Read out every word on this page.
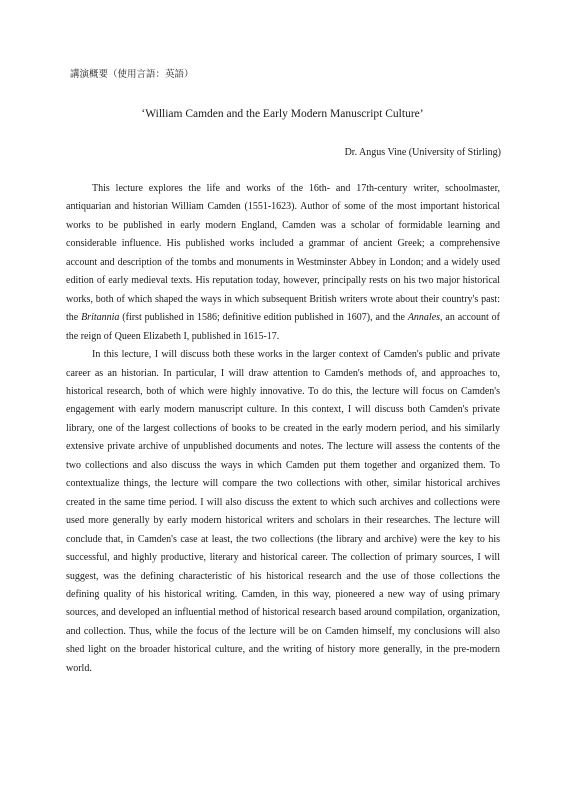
講演概要（使用言語：英語）
‘William Camden and the Early Modern Manuscript Culture’
Dr. Angus Vine (University of Stirling)

This lecture explores the life and works of the 16th- and 17th-century writer, schoolmaster, antiquarian and historian William Camden (1551-1623). Author of some of the most important historical works to be published in early modern England, Camden was a scholar of formidable learning and considerable influence. His published works included a grammar of ancient Greek; a comprehensive account and description of the tombs and monuments in Westminster Abbey in London; and a widely used edition of early medieval texts. His reputation today, however, principally rests on his two major historical works, both of which shaped the ways in which subsequent British writers wrote about their country's past: the Britannia (first published in 1586; definitive edition published in 1607), and the Annales, an account of the reign of Queen Elizabeth I, published in 1615-17.

In this lecture, I will discuss both these works in the larger context of Camden's public and private career as an historian. In particular, I will draw attention to Camden's methods of, and approaches to, historical research, both of which were highly innovative. To do this, the lecture will focus on Camden's engagement with early modern manuscript culture. In this context, I will discuss both Camden's private library, one of the largest collections of books to be created in the early modern period, and his similarly extensive private archive of unpublished documents and notes. The lecture will assess the contents of the two collections and also discuss the ways in which Camden put them together and organized them. To contextualize things, the lecture will compare the two collections with other, similar historical archives created in the same time period. I will also discuss the extent to which such archives and collections were used more generally by early modern historical writers and scholars in their researches. The lecture will conclude that, in Camden's case at least, the two collections (the library and archive) were the key to his successful, and highly productive, literary and historical career. The collection of primary sources, I will suggest, was the defining characteristic of his historical research and the use of those collections the defining quality of his historical writing. Camden, in this way, pioneered a new way of using primary sources, and developed an influential method of historical research based around compilation, organization, and collection. Thus, while the focus of the lecture will be on Camden himself, my conclusions will also shed light on the broader historical culture, and the writing of history more generally, in the pre-modern world.
